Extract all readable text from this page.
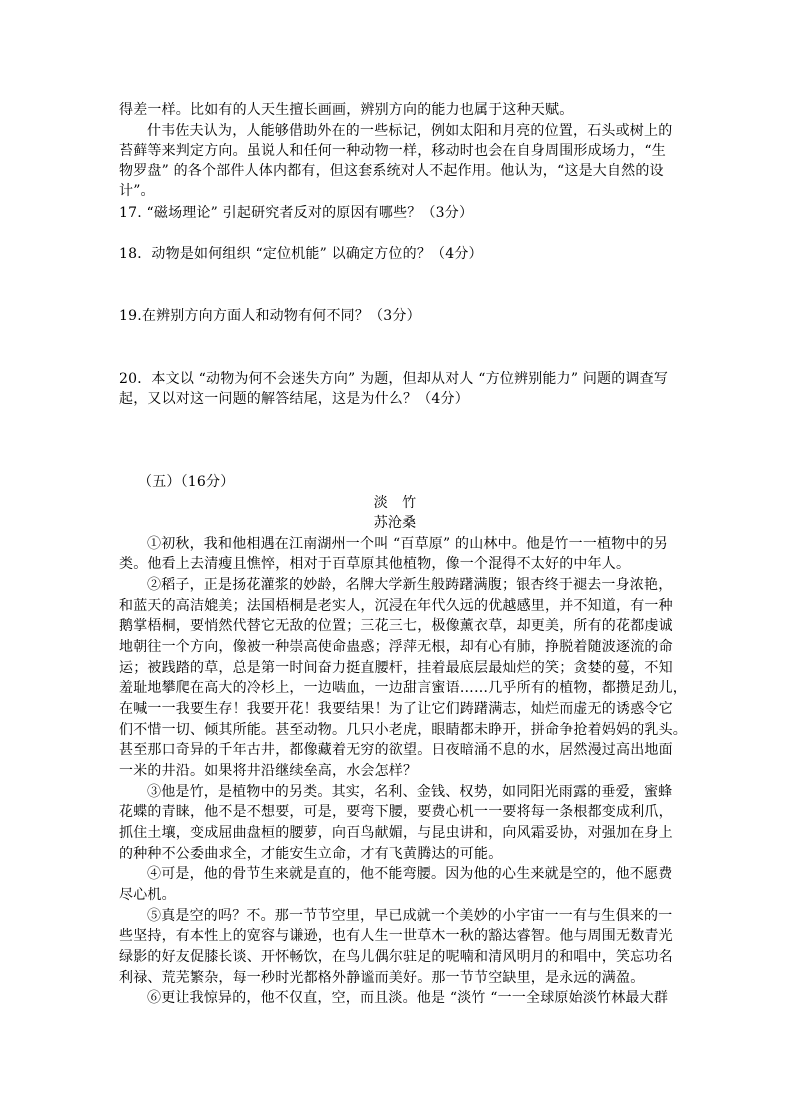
得差一样。比如有的人天生擅长画画，辨别方向的能力也属于这种天赋。
什韦佐夫认为，人能够借助外在的一些标记，例如太阳和月亮的位置，石头或树上的
苔藓等来判定方向。虽说人和任何一种动物一样，移动时也会在自身周围形成场力，“生
物罗盘” 的各个部件人体内都有，但这套系统对人不起作用。他认为，“这是大自然的设
计”。
17. “磁场理论” 引起研究者反对的原因有哪些？（3分）
18．动物是如何组织 “定位机能” 以确定方位的？（4分）
19.在辨别方向方面人和动物有何不同？（3分）
20．本文以 “动物为何不会迷失方向” 为题，但却从对人 “方位辨别能力” 问题的调查写
起，又以对这一问题的解答结尾，这是为什么？（4分）
（五）（16分）
淡　竹
苏沧桑
①初秋，我和他相遇在江南湖州一个叫 “百草原” 的山林中。他是竹一一植物中的另
类。他看上去清瘦且憔悴，相对于百草原其他植物，像一个混得不太好的中年人。
②稻子，正是扬花灌浆的妙龄，名牌大学新生般踌躇满腹；银杏终于褪去一身浓艳，
和蓝天的高洁媲美；法国梧桐是老实人，沉浸在年代久远的优越感里，并不知道，有一种
鹅掌梧桐，要悄然代替它无敌的位置；三花三七，极像薰衣草，却更美，所有的花都虔诚
地朝往一个方向，像被一种崇高使命蛊惑；浮萍无根，却有心有肺，挣脱着随波逐流的命
运；被践踏的草，总是第一时间奋力挺直腰杆，挂着最底层最灿烂的笑；贪婪的蔓，不知
羞耻地攀爬在高大的冷杉上，一边啮血，一边甜言蜜语……几乎所有的植物，都攒足劲儿，
在喊一一我要生存！我要开花！我要结果！为了让它们踌躇满志，灿烂而虚无的诱惑令它
们不惜一切、倾其所能。甚至动物。几只小老虎，眼睛都未睁开，拼命争抢着妈妈的乳头。
甚至那口奇异的千年古井，都像藏着无穷的欲望。日夜暗涌不息的水，居然漫过高出地面
一米的井沿。如果将井沿继续垒高，水会怎样？
③他是竹，是植物中的另类。其实，名利、金钱、权势，如同阳光雨露的垂爱，蜜蜂
花蝶的青睐，他不是不想要，可是，要弯下腰，要费心机一一要将每一条根都变成利爪，
抓住土壤，变成屈曲盘桓的腰萝，向百鸟献媚，与昆虫讲和，向风霜妥协，对强加在身上
的种种不公委曲求全，才能安生立命，才有飞黄腾达的可能。
④可是，他的骨节生来就是直的，他不能弯腰。因为他的心生来就是空的，他不愿费
尽心机。
⑤真是空的吗？不。那一节节空里，早已成就一个美妙的小宇宙一一有与生俱来的一
些坚持，有本性上的宽容与谦逊，也有人生一世草木一秋的豁达睿智。他与周围无数青光
绿影的好友促膝长谈、开怀畅饮，在鸟儿偶尔驻足的呢喃和清风明月的和唱中，笑忘功名
利禄、荒芜繁杂，每一秒时光都格外静谧而美好。那一节节空缺里，是永远的满盈。
⑥更让我惊异的，他不仅直，空，而且淡。他是 “淡竹 “一一全球原始淡竹林最大群
